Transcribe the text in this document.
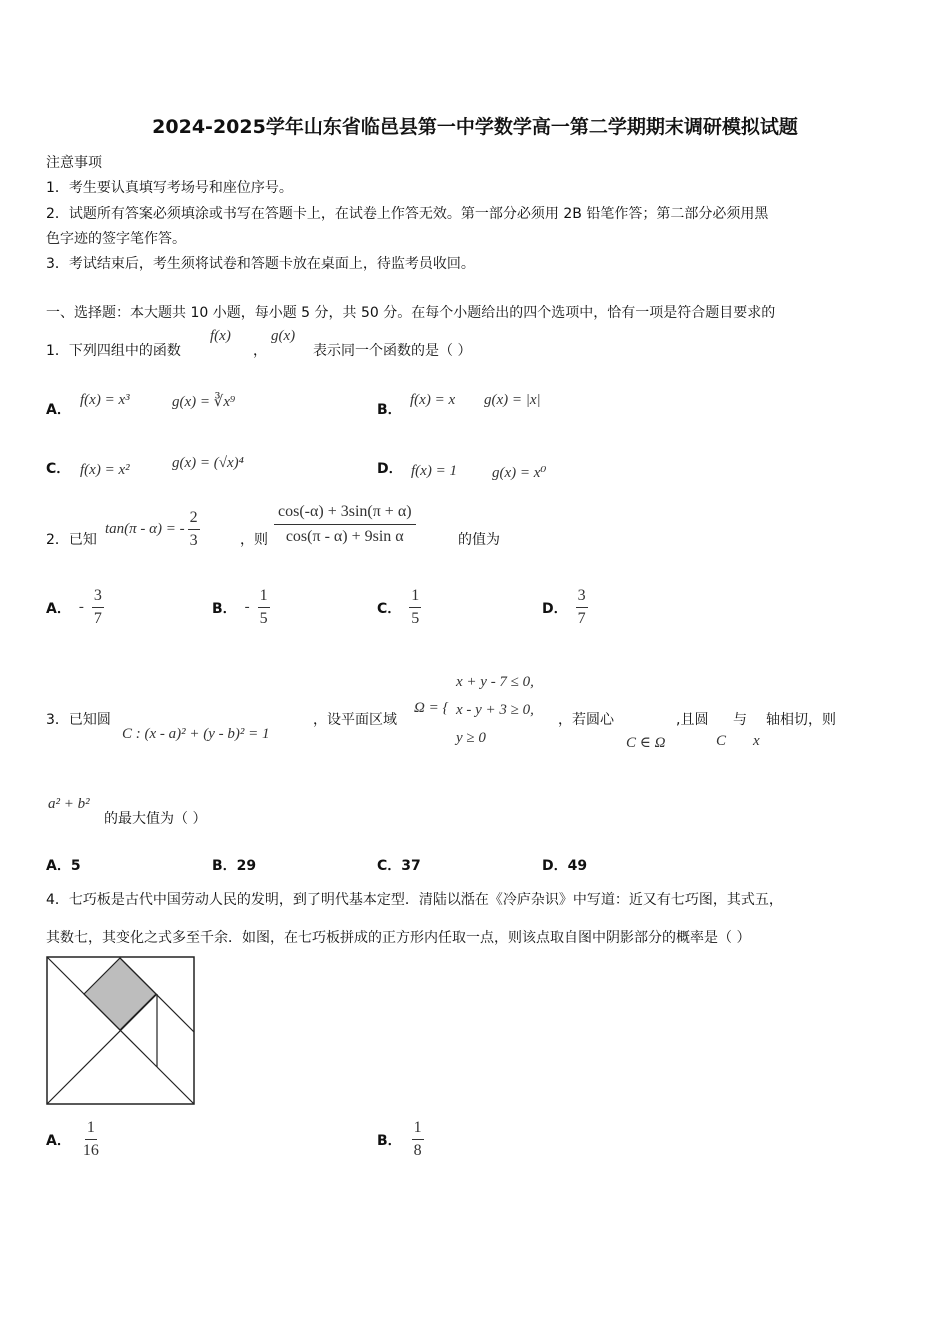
2024-2025学年山东省临邑县第一中学数学高一第二学期期末调研模拟试题
注意事项
1．考生要认真填写考场号和座位序号。
2．试题所有答案必须填涂或书写在答题卡上，在试卷上作答无效。第一部分必须用 2B 铅笔作答；第二部分必须用黑
色字迹的签字笔作答。
3．考试结束后，考生须将试卷和答题卡放在桌面上，待监考员收回。
一、选择题：本大题共 10 小题，每小题 5 分，共 50 分。在每个小题给出的四个选项中，恰有一项是符合题目要求的
1．下列四组中的函数
f(x)
，
g(x)
表示同一个函数的是（ ）
A．
f(x) = x³	g(x) = ∛x⁹	B．
f(x) = x g(x) = |x|
C． f(x) = x²	g(x) = (√x)⁴	D． f(x) = 1 g(x) = x⁰
2．已知
tan(π - α) = - $\frac{2}{3}$	，则 $\frac{\cos(-\alpha) + 3\sin(\pi + \alpha)}{\text{cos(π - α) + 9sin α}}$	的值为
A． - $\frac{3}{7}$	B． - $\frac{1}{5}$	C． $\frac{1}{5}$	D． $\frac{3}{7}$
3．已知圆
C : (x - a)² + (y - b)² = 1
，设平面区域
Ω = {
x + y - 7 ≤ 0,
x - y + 3 ≥ 0,
y ≥ 0
，若圆心
C ∈ Ω
,且圆
C
与
x
轴相切，则
a² + b²
的最大值为（ ）
A．5	B．29	C．37	D．49
4．七巧板是古代中国劳动人民的发明，到了明代基本定型．清陆以湉在《冷庐杂识》中写道：近又有七巧图，其式五，
其数七，其变化之式多至千余．如图，在七巧板拼成的正方形内任取一点，则该点取自图中阴影部分的概率是（ ）
A． $\frac{1}{16}$	B． $\frac{1}{8}$
